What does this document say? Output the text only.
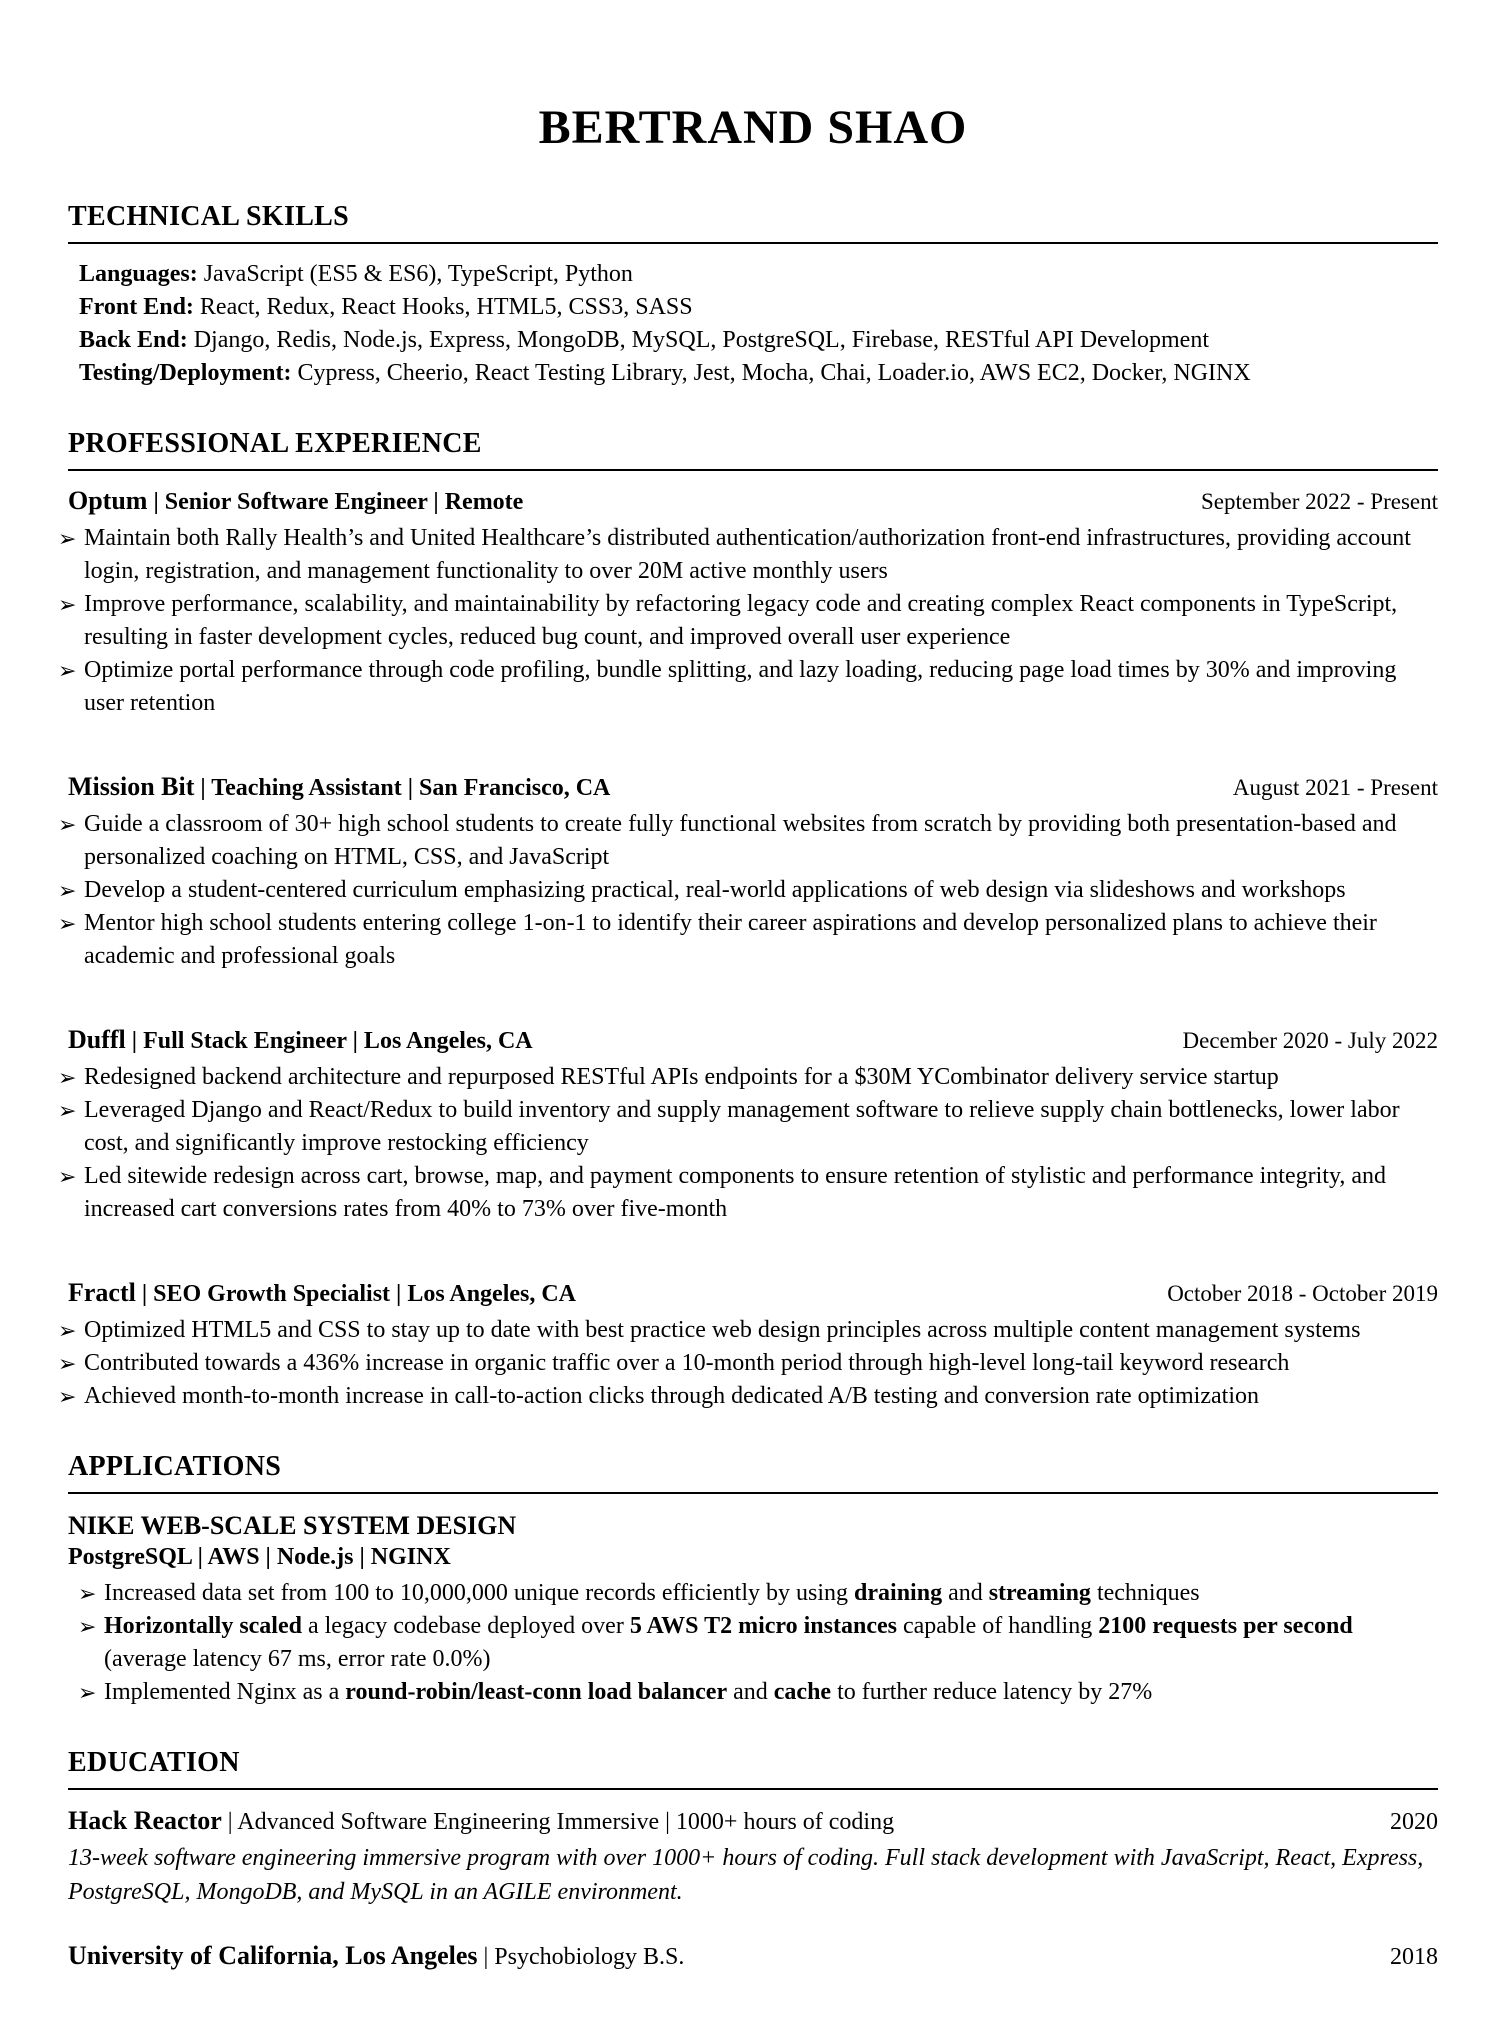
BERTRAND SHAO
TECHNICAL SKILLS
Languages: JavaScript (ES5 & ES6), TypeScript, Python
Front End: React, Redux, React Hooks, HTML5, CSS3, SASS
Back End: Django, Redis, Node.js, Express, MongoDB, MySQL, PostgreSQL, Firebase, RESTful API Development
Testing/Deployment: Cypress, Cheerio, React Testing Library, Jest, Mocha, Chai, Loader.io, AWS EC2, Docker, NGINX
PROFESSIONAL EXPERIENCE
Optum | Senior Software Engineer | Remote	September 2022 - Present
➢ Maintain both Rally Health’s and United Healthcare’s distributed authentication/authorization front-end infrastructures, providing account login, registration, and management functionality to over 20M active monthly users
➢ Improve performance, scalability, and maintainability by refactoring legacy code and creating complex React components in TypeScript, resulting in faster development cycles, reduced bug count, and improved overall user experience
➢ Optimize portal performance through code profiling, bundle splitting, and lazy loading, reducing page load times by 30% and improving user retention
Mission Bit | Teaching Assistant | San Francisco, CA	August 2021 - Present
➢ Guide a classroom of 30+ high school students to create fully functional websites from scratch by providing both presentation-based and personalized coaching on HTML, CSS, and JavaScript
➢ Develop a student-centered curriculum emphasizing practical, real-world applications of web design via slideshows and workshops
➢ Mentor high school students entering college 1-on-1 to identify their career aspirations and develop personalized plans to achieve their academic and professional goals
Duffl | Full Stack Engineer | Los Angeles, CA	December 2020 - July 2022
➢ Redesigned backend architecture and repurposed RESTful APIs endpoints for a $30M YCombinator delivery service startup
➢ Leveraged Django and React/Redux to build inventory and supply management software to relieve supply chain bottlenecks, lower labor cost, and significantly improve restocking efficiency
➢ Led sitewide redesign across cart, browse, map, and payment components to ensure retention of stylistic and performance integrity, and increased cart conversions rates from 40% to 73% over five-month
Fractl | SEO Growth Specialist | Los Angeles, CA	October 2018 - October 2019
➢ Optimized HTML5 and CSS to stay up to date with best practice web design principles across multiple content management systems
➢ Contributed towards a 436% increase in organic traffic over a 10-month period through high-level long-tail keyword research
➢ Achieved month-to-month increase in call-to-action clicks through dedicated A/B testing and conversion rate optimization
APPLICATIONS
NIKE WEB-SCALE SYSTEM DESIGN
PostgreSQL | AWS | Node.js | NGINX
➢ Increased data set from 100 to 10,000,000 unique records efficiently by using draining and streaming techniques
➢ Horizontally scaled a legacy codebase deployed over 5 AWS T2 micro instances capable of handling 2100 requests per second (average latency 67 ms, error rate 0.0%)
➢ Implemented Nginx as a round-robin/least-conn load balancer and cache to further reduce latency by 27%
EDUCATION
Hack Reactor | Advanced Software Engineering Immersive | 1000+ hours of coding	2020
13-week software engineering immersive program with over 1000+ hours of coding. Full stack development with JavaScript, React, Express, PostgreSQL, MongoDB, and MySQL in an AGILE environment.
University of California, Los Angeles | Psychobiology B.S.	2018
